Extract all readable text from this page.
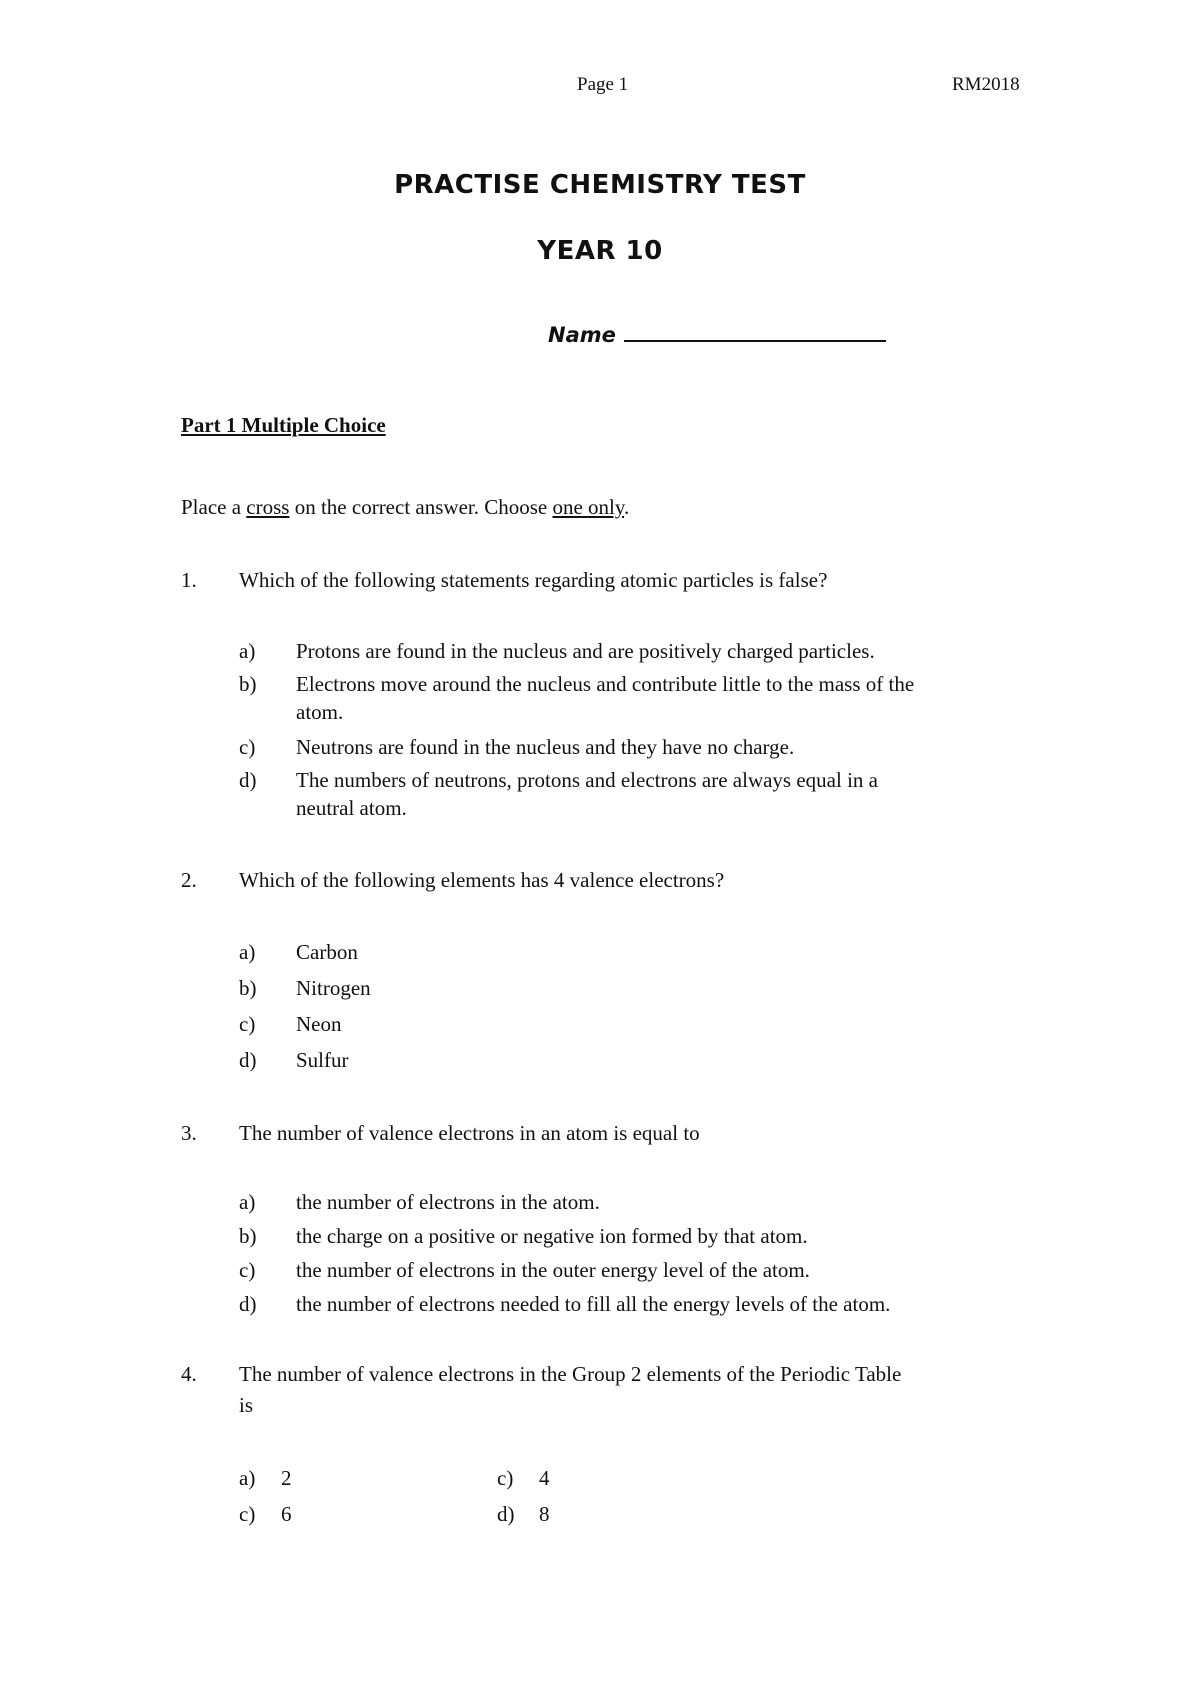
Page 1	RM2018
PRACTISE CHEMISTRY TEST
YEAR 10
Name
Part 1 Multiple Choice
Place a cross on the correct answer. Choose one only.
1. Which of the following statements regarding atomic particles is false?
a) Protons are found in the nucleus and are positively charged particles.
b) Electrons move around the nucleus and contribute little to the mass of the
atom.
c) Neutrons are found in the nucleus and they have no charge.
d) The numbers of neutrons, protons and electrons are always equal in a
neutral atom.
2. Which of the following elements has 4 valence electrons?
a) Carbon
b) Nitrogen
c) Neon
d) Sulfur
3. The number of valence electrons in an atom is equal to
a) the number of electrons in the atom.
b) the charge on a positive or negative ion formed by that atom.
c) the number of electrons in the outer energy level of the atom.
d) the number of electrons needed to fill all the energy levels of the atom.
4. The number of valence electrons in the Group 2 elements of the Periodic Table
is
a) 2	c) 4
c) 6	d) 8
